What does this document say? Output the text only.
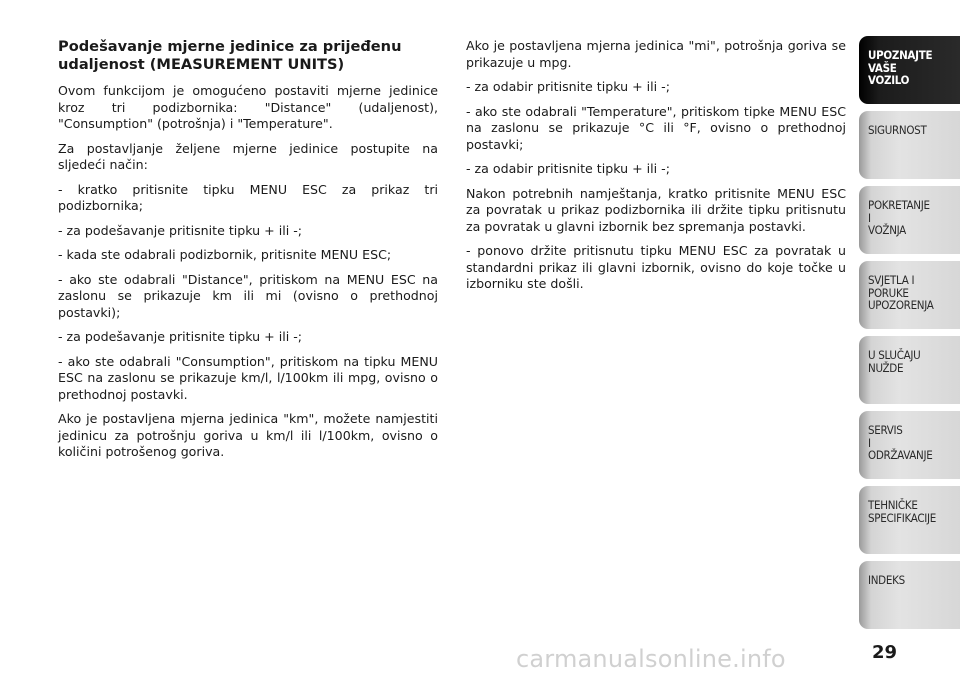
Podešavanje mjerne jedinice za prijeđenu udaljenost (MEASUREMENT UNITS)
Ovom funkcijom je omogućeno postaviti mjerne jedinice kroz tri podizbornika: "Distance" (udaljenost), "Consumption" (potrošnja) i "Temperature".
Za postavljanje željene mjerne jedinice postupite na sljedeći način:
- kratko pritisnite tipku MENU ESC za prikaz tri podizbornika;
- za podešavanje pritisnite tipku + ili -;
- kada ste odabrali podizbornik, pritisnite MENU ESC;
- ako ste odabrali "Distance", pritiskom na MENU ESC na zaslonu se prikazuje km ili mi (ovisno o prethodnoj postavki);
- za podešavanje pritisnite tipku + ili -;
- ako ste odabrali "Consumption", pritiskom na tipku MENU ESC na zaslonu se prikazuje km/l, l/100km ili mpg, ovisno o prethodnoj postavki.
Ako je postavljena mjerna jedinica "km", možete namjestiti jedinicu za potrošnju goriva u km/l ili l/100km, ovisno o količini potrošenog goriva.
Ako je postavljena mjerna jedinica "mi", potrošnja goriva se prikazuje u mpg.
- za odabir pritisnite tipku + ili -;
- ako ste odabrali "Temperature", pritiskom tipke MENU ESC na zaslonu se prikazuje °C ili °F, ovisno o prethodnoj postavki;
- za odabir pritisnite tipku + ili -;
Nakon potrebnih namještanja, kratko pritisnite MENU ESC za povratak u prikaz podizbornika ili držite tipku pritisnutu za povratak u glavni izbornik bez spremanja postavki.
- ponovo držite pritisnutu tipku MENU ESC za povratak u standardni prikaz ili glavni izbornik, ovisno do koje točke u izborniku ste došli.
UPOZNAJTE
VAŠE
VOZILO
SIGURNOST
POKRETANJE
I
VOŽNJA
SVJETLA I
PORUKE
UPOZORENJA
U SLUČAJU
NUŽDE
SERVIS
I
ODRŽAVANJE
TEHNIČKE
SPECIFIKACIJE
INDEKS
carmanualsonline.info	29
